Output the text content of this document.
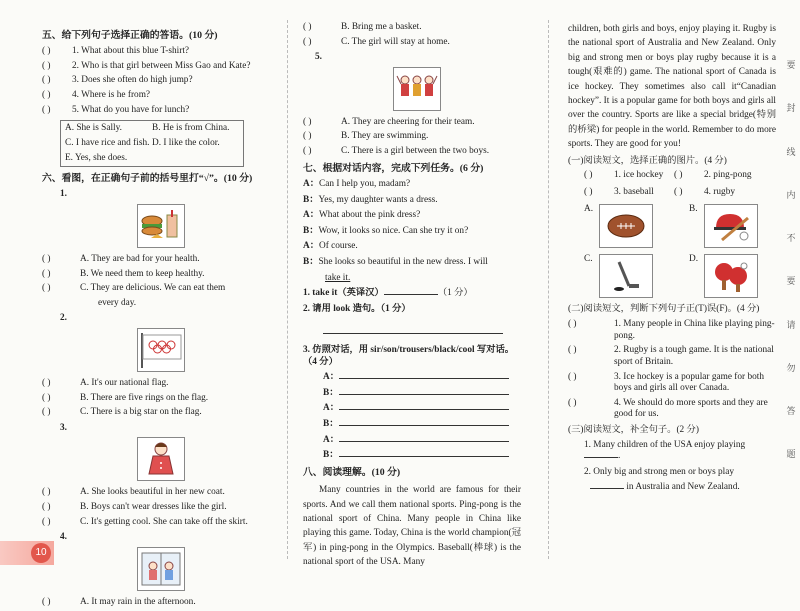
五、给下列句子选择正确的答语。(10 分)
( )	1. What about this blue T-shirt?
( )	2. Who is that girl between Miss Gao and Kate?
( )	3. Does she often do high jump?
( )	4. Where is he from?
( )	5. What do you have for lunch?
A. She is Sally.	B. He is from China.
C. I have rice and fish. D. I like the color.
E. Yes, she does.
六、看图，在正确句子前的括号里打“√”。(10 分)
1.
( )	A. They are bad for your health.
( )	B. We need them to keep healthy.
( )	C. They are delicious. We can eat them
every day.
2.
( )	A. It's our national flag.
( )	B. There are five rings on the flag.
( )	C. There is a big star on the flag.
3.
( )	A. She looks beautiful in her new coat.
( )	B. Boys can't wear dresses like the girl.
( )	C. It's getting cool. She can take off the skirt.
4.
( )	A. It may rain in the afternoon.
( )	B. Bring me a basket.
( )	C. The girl will stay at home.
5.
( )	A. They are cheering for their team.
( )	B. They are swimming.
( )	C. There is a girl between the two boys.
七、根据对话内容，完成下列任务。(6 分)
A：Can I help you, madam?
B：Yes, my daughter wants a dress.
A：What about the pink dress?
B：Wow, it looks so nice. Can she try it on?
A：Of course.
B：She looks so beautiful in the new dress. I will
take it.
1. take it（英译汉）	（1 分）
2. 请用 look 造句。（1 分）
3. 仿照对话，用 sir/son/trousers/black/cool 写对话。（4 分）
A：
B：
A：
B：
A：
B：
八、阅读理解。(10 分)
Many countries in the world are famous for their sports. And we call them national sports. Ping-pong is the national sport of China. Many people in China like playing this game. Today, China is the world champion(冠军) in ping-pong in the Olympics. Baseball(棒球) is the national sport of the USA. Many
children, both girls and boys, enjoy playing it. Rugby is the national sport of Australia and New Zealand. Only big and strong men or boys play rugby because it is a tough(艰难的) game. The national sport of Canada is ice hockey. They sometimes also call it“Canadian hockey”. It is a popular game for both boys and girls all over the country. Sports are like a special bridge(特别的桥梁) for people in the world. Remember to do more sports. They are good for you!
(一)阅读短文，选择正确的图片。(4 分)
( )	1. ice hockey ( )	2. ping-pong
( )	3. baseball ( )	4. rugby
A.	B.
C.	D.
(二)阅读短文，判断下列句子正(T)误(F)。(4 分)
( )	1. Many people in China like playing ping-
pong.
( )	2. Rugby is a tough game. It is the national
sport of Britain.
( )	3. Ice hockey is a popular game for both
boys and girls all over Canada.
( )	4. We should do more sports and they are
good for us.
(三)阅读短文，补全句子。(2 分)
1. Many children of the USA enjoy playing .
2. Only big and strong men or boys play
in Australia and New Zealand.
要
封
线
内
不
要
请
勿
答
题
10
